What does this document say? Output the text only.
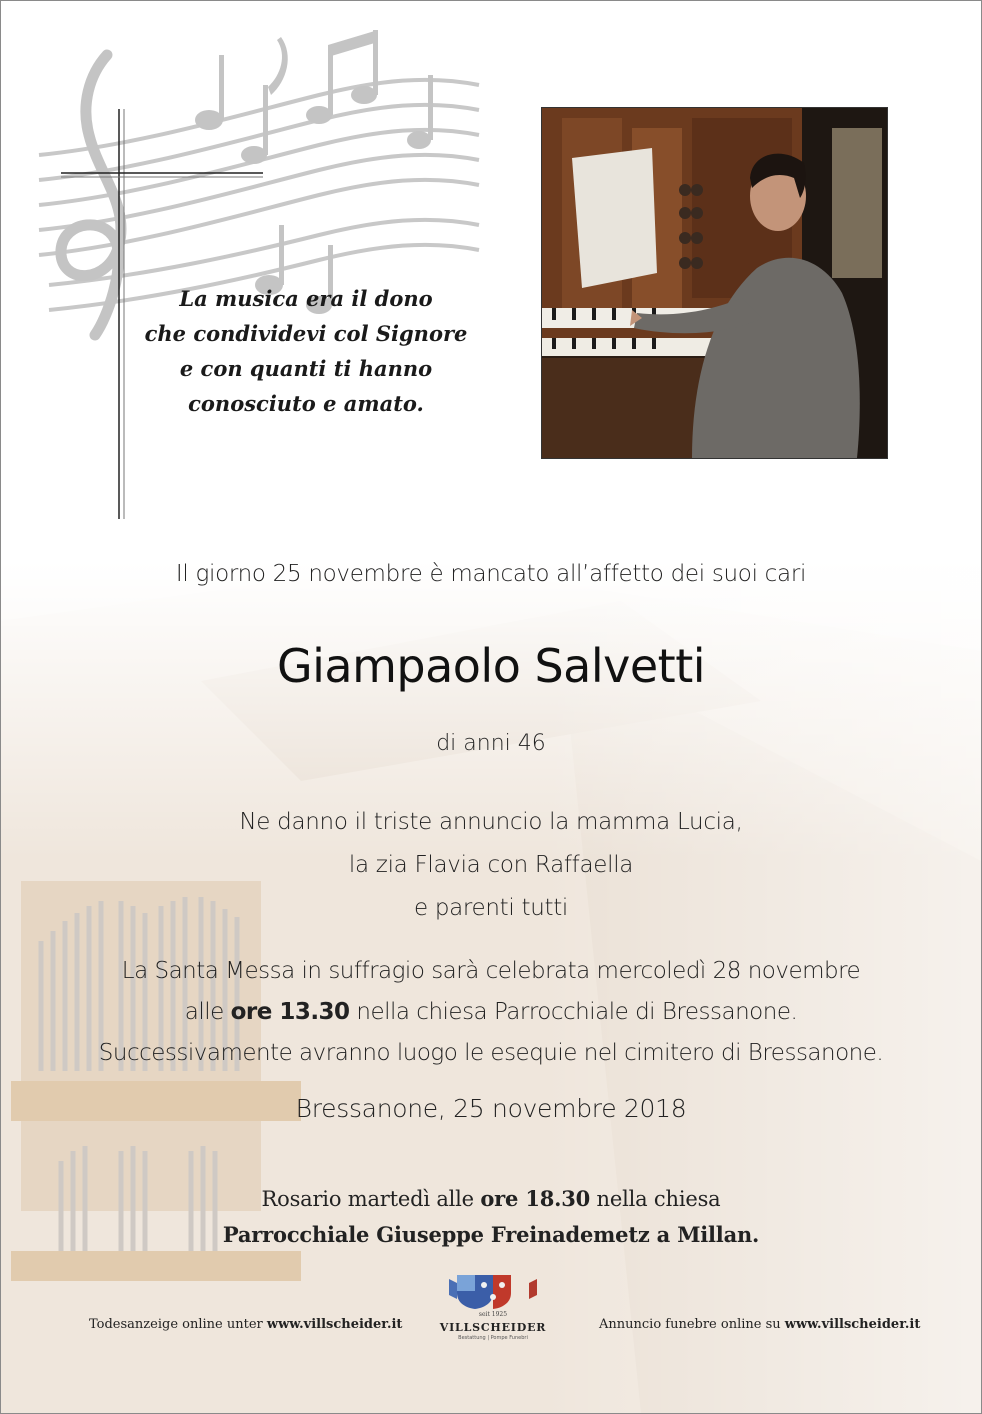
La musica era il dono
che condividevi col Signore
e con quanti ti hanno
conosciuto e amato.
Il giorno 25 novembre è mancato all’affetto dei suoi cari
Giampaolo Salvetti
di anni 46
Ne danno il triste annuncio la mamma Lucia,
la zia Flavia con Raffaella
e parenti tutti
La Santa Messa in suffragio sarà celebrata mercoledì 28 novembre
alle ore 13.30 nella chiesa Parrocchiale di Bressanone.
Successivamente avranno luogo le esequie nel cimitero di Bressanone.
Bressanone, 25 novembre 2018
Rosario martedì alle ore 18.30 nella chiesa
Parrocchiale Giuseppe Freinademetz a Millan.
Todesanzeige online unter www.villscheider.it
seit 1925
VILLSCHEIDER
Bestattung | Pompe Funebri
Annuncio funebre online su www.villscheider.it
